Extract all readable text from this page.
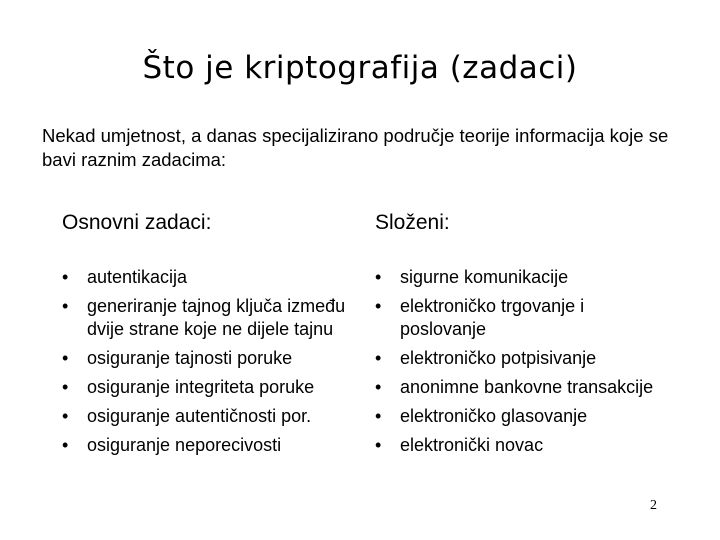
Što je kriptografija (zadaci)

Nekad umjetnost, a danas specijalizirano područje teorije informacija koje se bavi raznim zadacima:

Osnovni zadaci:
•	autentikacija
•	generiranje tajnog ključa između dvije strane koje ne dijele tajnu
•	osiguranje tajnosti poruke
•	osiguranje integriteta poruke
•	osiguranje autentičnosti por.
•	osiguranje neporecivosti
Složeni:
•	sigurne komunikacije
•	elektroničko trgovanje i poslovanje
•	elektroničko potpisivanje
•	anonimne bankovne transakcije
•	elektroničko glasovanje
•	elektronički novac
2
